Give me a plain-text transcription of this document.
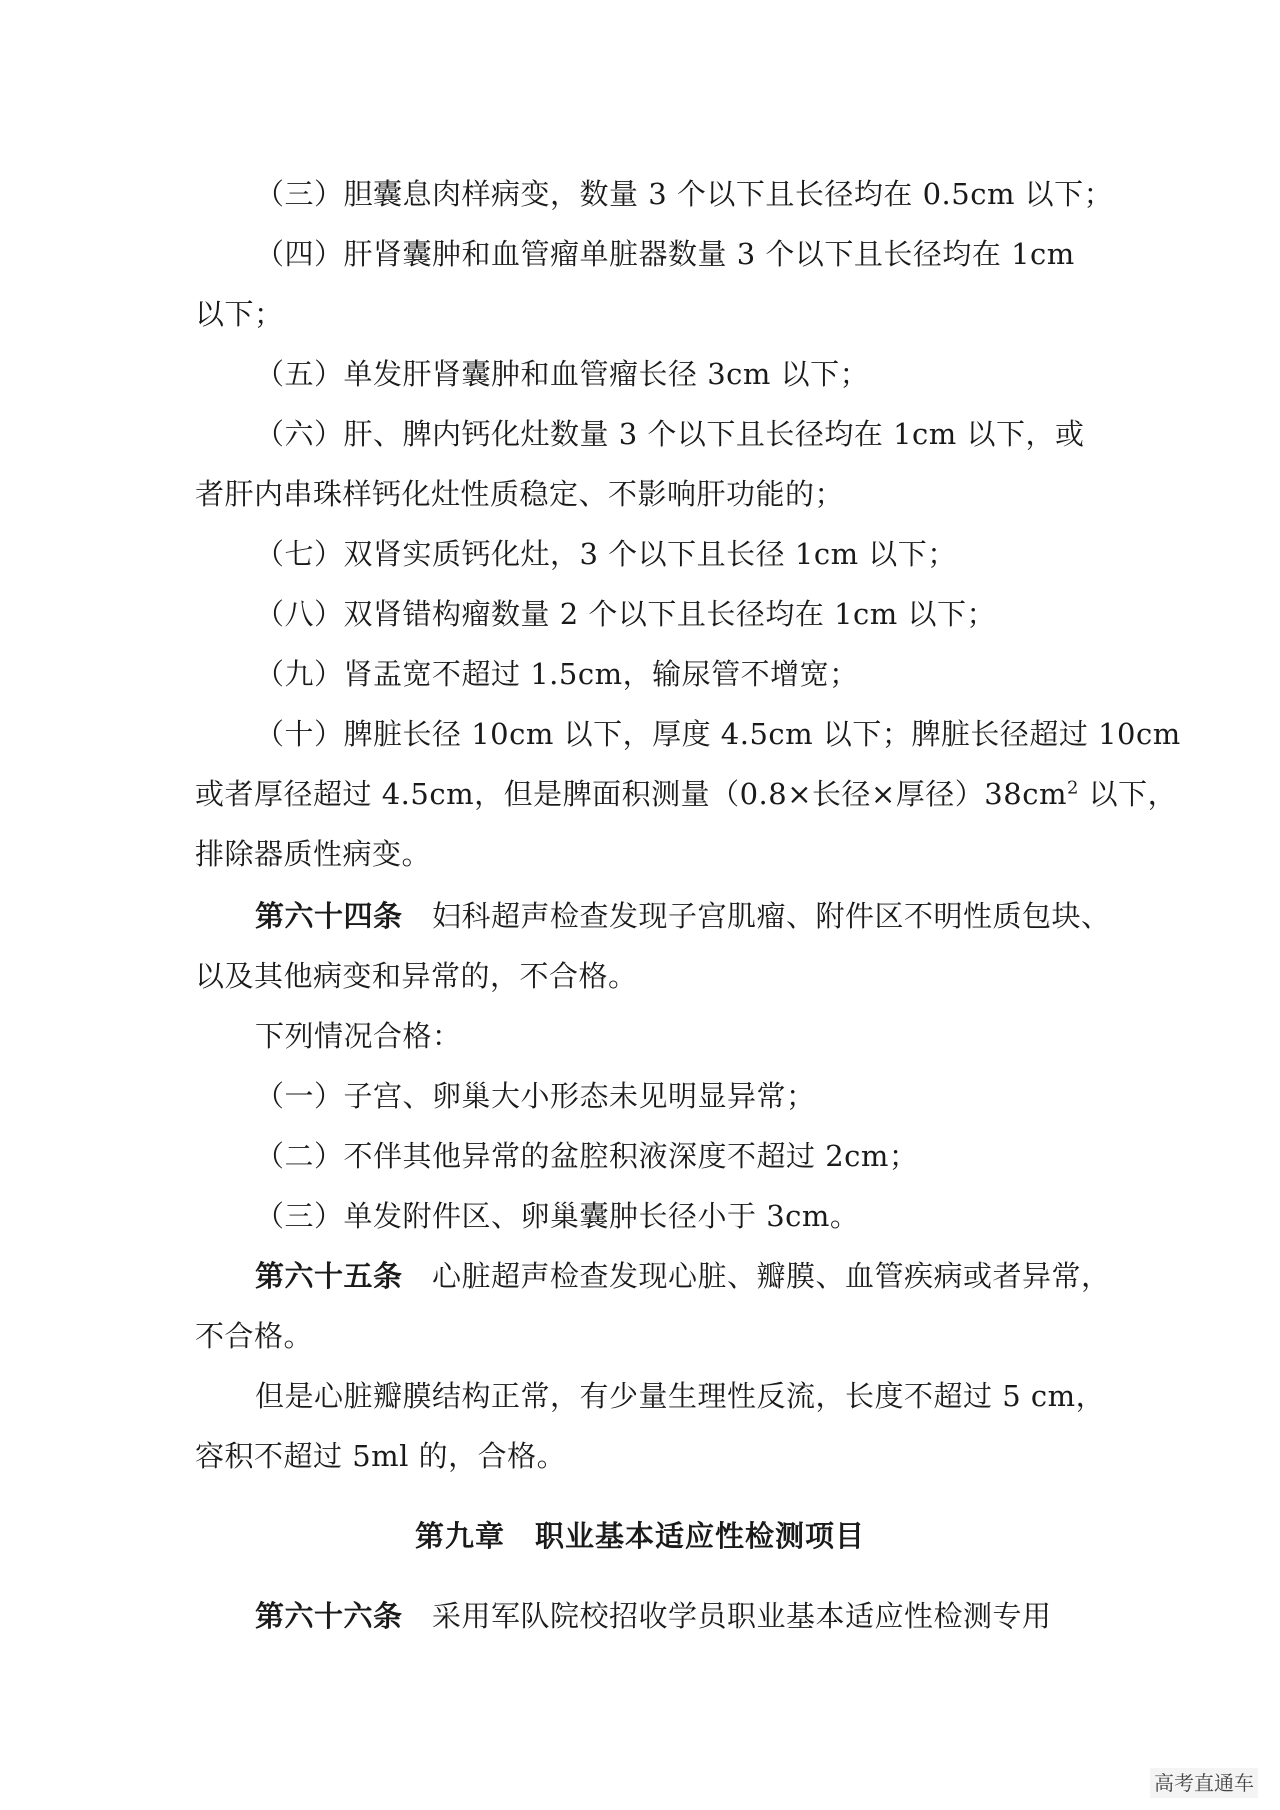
（三）胆囊息肉样病变，数量 3 个以下且长径均在 0.5cm 以下；
（四）肝肾囊肿和血管瘤单脏器数量 3 个以下且长径均在 1cm
以下；
（五）单发肝肾囊肿和血管瘤长径 3cm 以下；
（六）肝、脾内钙化灶数量 3 个以下且长径均在 1cm 以下，或
者肝内串珠样钙化灶性质稳定、不影响肝功能的；
（七）双肾实质钙化灶，3 个以下且长径 1cm 以下；
（八）双肾错构瘤数量 2 个以下且长径均在 1cm 以下；
（九）肾盂宽不超过 1.5cm，输尿管不增宽；
（十）脾脏长径 10cm 以下，厚度 4.5cm 以下；脾脏长径超过 10cm
或者厚径超过 4.5cm，但是脾面积测量（0.8×长径×厚径）$38cm^2$ 以下，
排除器质性病变。
第六十四条　妇科超声检查发现子宫肌瘤、附件区不明性质包块、
以及其他病变和异常的，不合格。
下列情况合格：
（一）子宫、卵巢大小形态未见明显异常；
（二）不伴其他异常的盆腔积液深度不超过 2cm；
（三）单发附件区、卵巢囊肿长径小于 3cm。
第六十五条　心脏超声检查发现心脏、瓣膜、血管疾病或者异常，
不合格。
但是心脏瓣膜结构正常，有少量生理性反流，长度不超过 5 cm，
容积不超过 5ml 的，合格。
第九章　职业基本适应性检测项目
第六十六条　采用军队院校招收学员职业基本适应性检测专用
高考直通车
